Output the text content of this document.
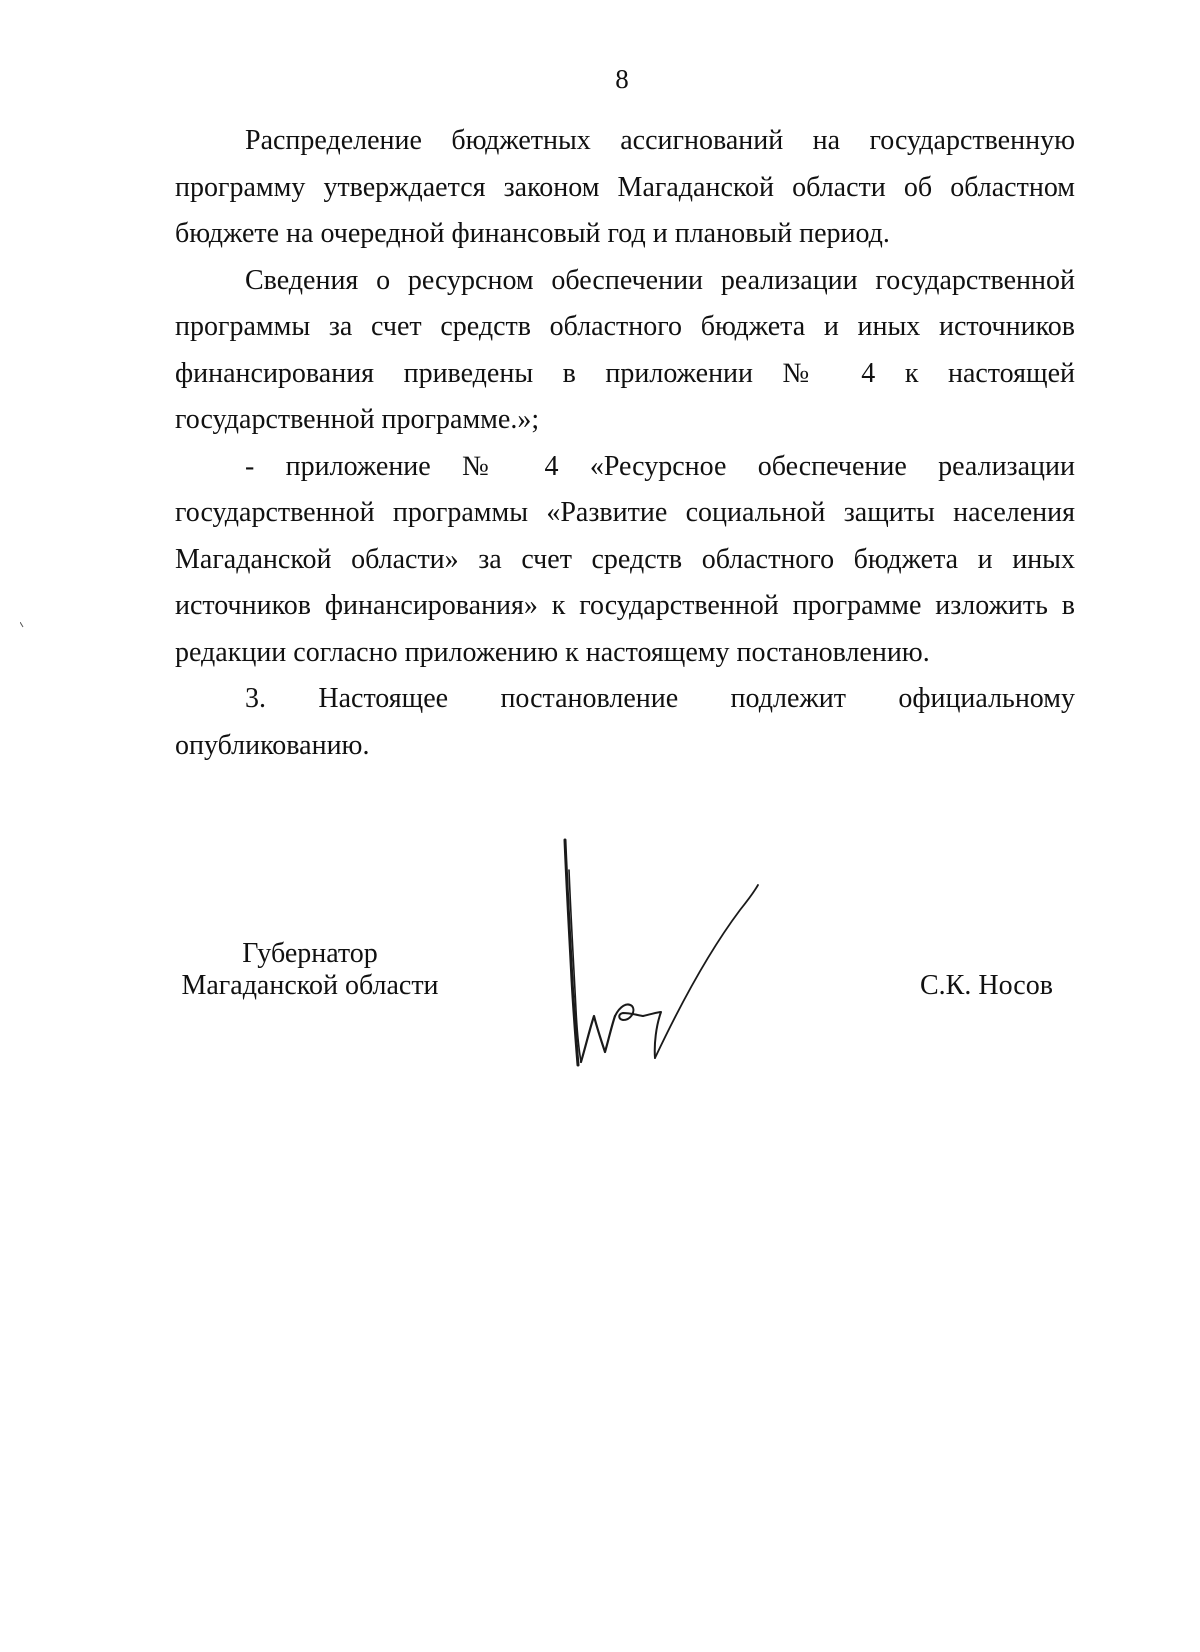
8

Распределение бюджетных ассигнований на государственную программу утверждается законом Магаданской области об областном бюджете на очередной финансовый год и плановый период.

Сведения о ресурсном обеспечении реализации государственной программы за счет средств областного бюджета и иных источников финансирования приведены в приложении № 4 к настоящей государственной программе.»;

- приложение № 4 «Ресурсное обеспечение реализации государственной программы «Развитие социальной защиты населения Магаданской области» за счет средств областного бюджета и иных источников финансирования» к государственной программе изложить в редакции согласно приложению к настоящему постановлению.

3. Настоящее постановление подлежит официальному опубликованию.

Губернатор
Магаданской области	С.К. Носов
